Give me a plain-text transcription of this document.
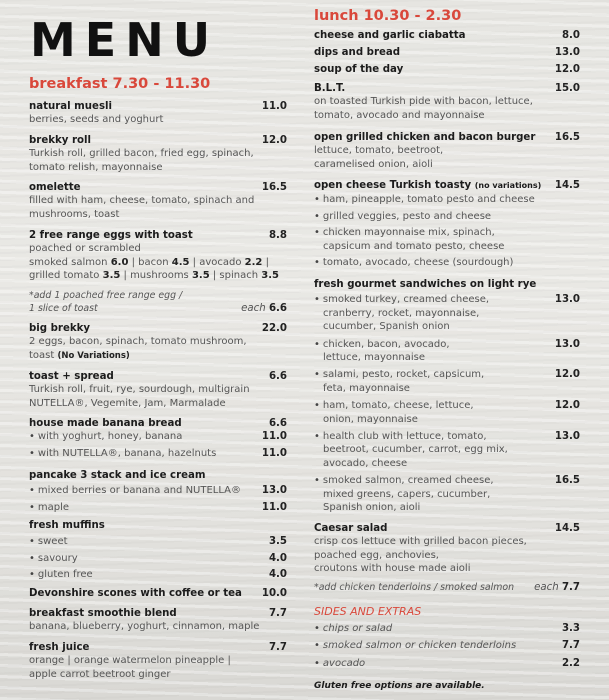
MENU
breakfast 7.30 - 11.30
natural muesli	11.0
berries, seeds and yoghurt
brekky roll	12.0
Turkish roll, grilled bacon, fried egg, spinach,
tomato relish, mayonnaise
omelette	16.5
filled with ham, cheese, tomato, spinach and
mushrooms, toast
2 free range eggs with toast	8.8
poached or scrambled
smoked salmon 6.0 | bacon 4.5 | avocado 2.2 |
grilled tomato 3.5 | mushrooms 3.5 | spinach 3.5
*add 1 poached free range egg /
1 slice of toast	each 6.6
big brekky	22.0
2 eggs, bacon, spinach, tomato mushroom,
toast (No Variations)
toast + spread	6.6
Turkish roll, fruit, rye, sourdough, multigrain
NUTELLA®, Vegemite, Jam, Marmalade
house made banana bread	6.6
• with yoghurt, honey, banana	11.0
• with NUTELLA®, banana, hazelnuts	11.0
pancake 3 stack and ice cream
• mixed berries or banana and NUTELLA® 13.0
• maple	11.0
fresh muffins
• sweet	3.5
• savoury	4.0
• gluten free	4.0
Devonshire scones with coffee or tea 10.0
breakfast smoothie blend	7.7
banana, blueberry, yoghurt, cinnamon, maple
fresh juice	7.7
orange | orange watermelon pineapple |
apple carrot beetroot ginger
lunch 10.30 - 2.30
cheese and garlic ciabatta	8.0
dips and bread	13.0
soup of the day	12.0
B.L.T.	15.0
on toasted Turkish pide with bacon, lettuce,
tomato, avocado and mayonnaise
open grilled chicken and bacon burger 16.5
lettuce, tomato, beetroot,
caramelised onion, aioli
open cheese Turkish toasty (no variations) 14.5
• ham, pineapple, tomato pesto and cheese
• grilled veggies, pesto and cheese
• chicken mayonnaise mix, spinach,
capsicum and tomato pesto, cheese
• tomato, avocado, cheese (sourdough)
fresh gourmet sandwiches on light rye
• smoked turkey, creamed cheese,	13.0
cranberry, rocket, mayonnaise,
cucumber, Spanish onion
• chicken, bacon, avocado,	13.0
lettuce, mayonnaise
• salami, pesto, rocket, capsicum,	12.0
feta, mayonnaise
• ham, tomato, cheese, lettuce,	12.0
onion, mayonnaise
• health club with lettuce, tomato,	13.0
beetroot, cucumber, carrot, egg mix,
avocado, cheese
• smoked salmon, creamed cheese,	16.5
mixed greens, capers, cucumber,
Spanish onion, aioli
Caesar salad	14.5
crisp cos lettuce with grilled bacon pieces,
poached egg, anchovies,
croutons with house made aioli
*add chicken tenderloins / smoked salmon each 7.7
SIDES AND EXTRAS
• chips or salad	3.3
• smoked salmon or chicken tenderloins	7.7
• avocado	2.2
Gluten free options are available.
